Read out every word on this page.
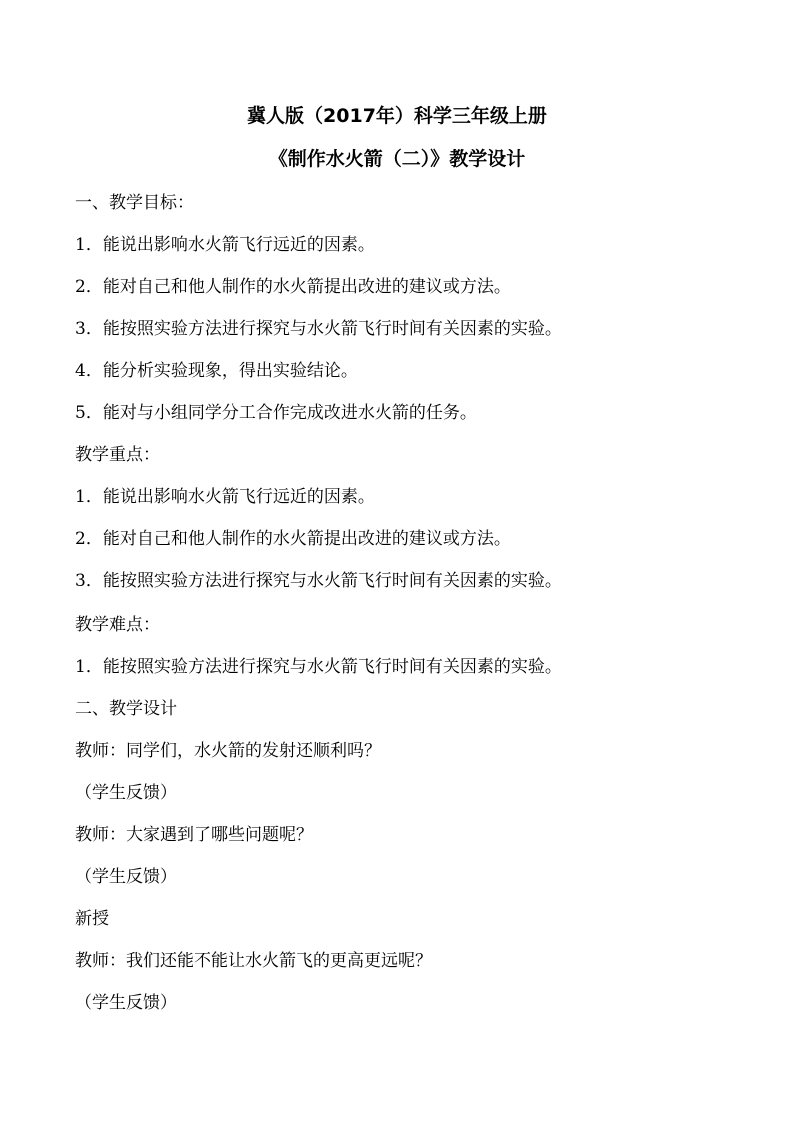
冀人版（2017年）科学三年级上册
《制作水火箭（二）》教学设计
一、教学目标：
1．能说出影响水火箭飞行远近的因素。
2．能对自己和他人制作的水火箭提出改进的建议或方法。
3．能按照实验方法进行探究与水火箭飞行时间有关因素的实验。
4．能分析实验现象，得出实验结论。
5．能对与小组同学分工合作完成改进水火箭的任务。
教学重点：
1．能说出影响水火箭飞行远近的因素。
2．能对自己和他人制作的水火箭提出改进的建议或方法。
3．能按照实验方法进行探究与水火箭飞行时间有关因素的实验。
教学难点：
1．能按照实验方法进行探究与水火箭飞行时间有关因素的实验。
二、教学设计
教师：同学们，水火箭的发射还顺利吗？
（学生反馈）
教师：大家遇到了哪些问题呢？
（学生反馈）
新授
教师：我们还能不能让水火箭飞的更高更远呢？
（学生反馈）
